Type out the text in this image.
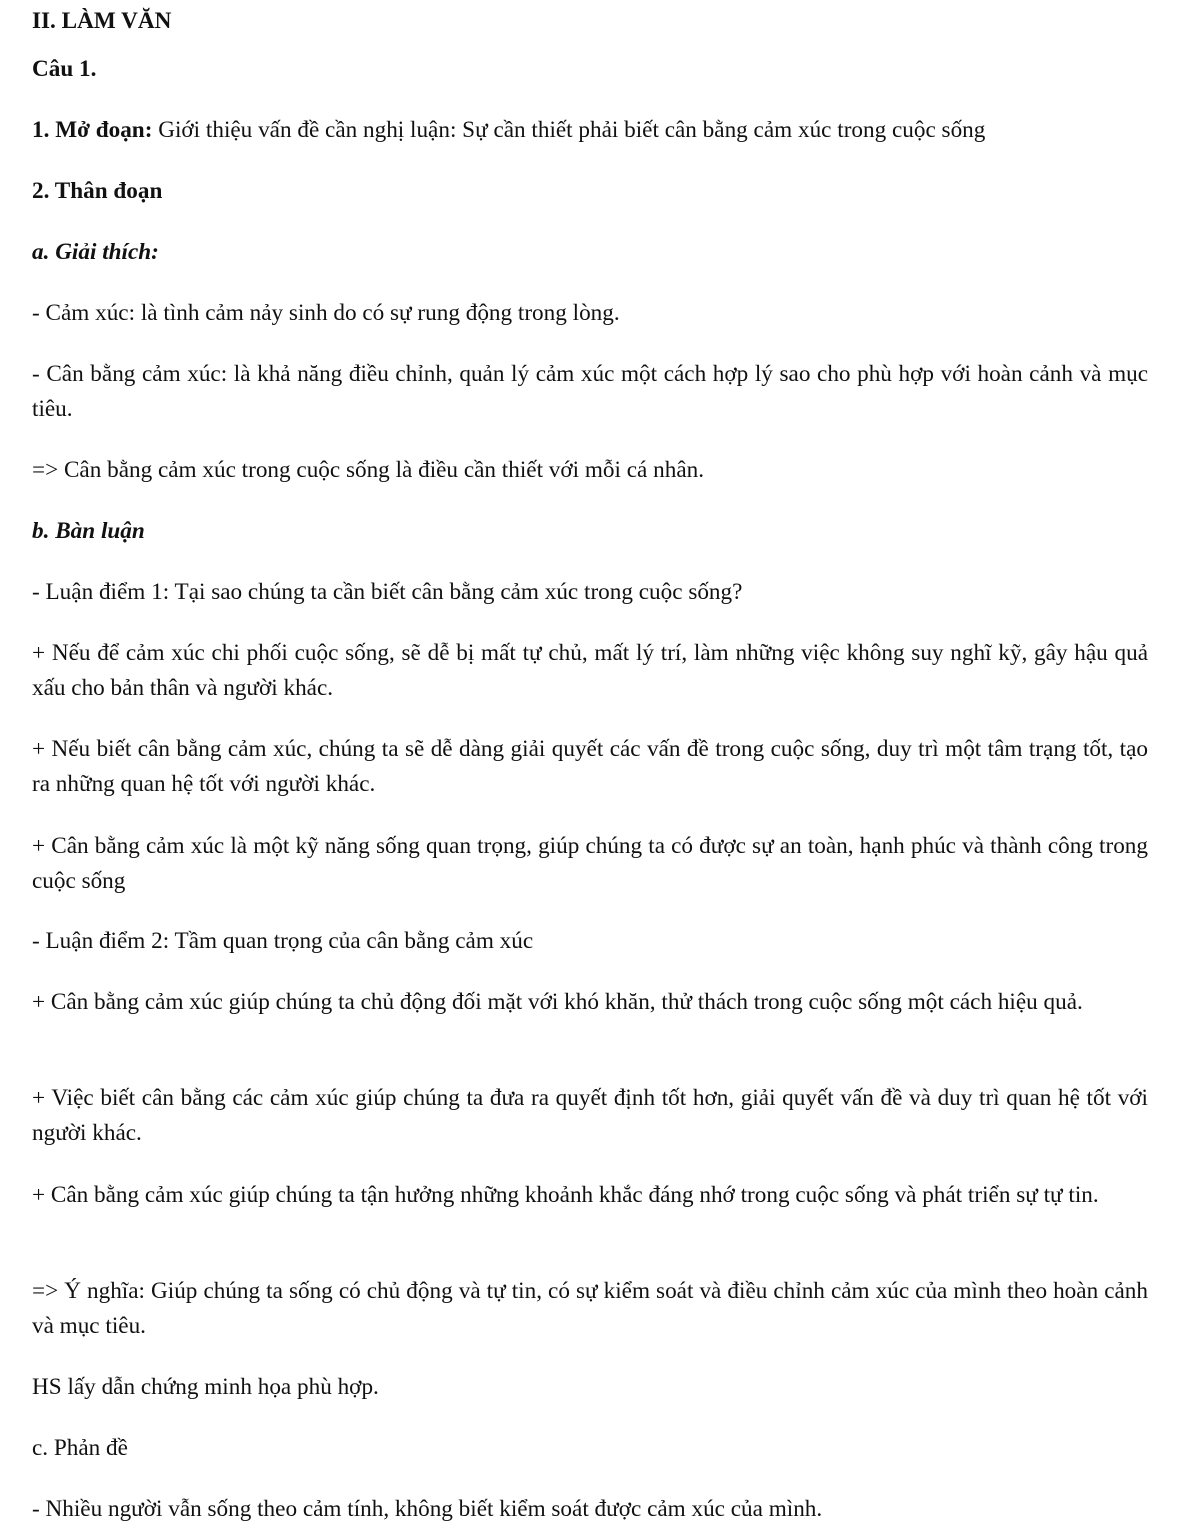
II. LÀM VĂN
Câu 1.
1. Mở đoạn: Giới thiệu vấn đề cần nghị luận: Sự cần thiết phải biết cân bằng cảm xúc trong cuộc sống
2. Thân đoạn
a. Giải thích:
- Cảm xúc: là tình cảm nảy sinh do có sự rung động trong lòng.
- Cân bằng cảm xúc: là khả năng điều chỉnh, quản lý cảm xúc một cách hợp lý sao cho phù hợp với hoàn cảnh và mục tiêu.
=> Cân bằng cảm xúc trong cuộc sống là điều cần thiết với mỗi cá nhân.
b. Bàn luận
- Luận điểm 1: Tại sao chúng ta cần biết cân bằng cảm xúc trong cuộc sống?
+ Nếu để cảm xúc chi phối cuộc sống, sẽ dễ bị mất tự chủ, mất lý trí, làm những việc không suy nghĩ kỹ, gây hậu quả xấu cho bản thân và người khác.
+ Nếu biết cân bằng cảm xúc, chúng ta sẽ dễ dàng giải quyết các vấn đề trong cuộc sống, duy trì một tâm trạng tốt, tạo ra những quan hệ tốt với người khác.
+ Cân bằng cảm xúc là một kỹ năng sống quan trọng, giúp chúng ta có được sự an toàn, hạnh phúc và thành công trong cuộc sống
- Luận điểm 2: Tầm quan trọng của cân bằng cảm xúc
+ Cân bằng cảm xúc giúp chúng ta chủ động đối mặt với khó khăn, thử thách trong cuộc sống một cách hiệu quả.
+ Việc biết cân bằng các cảm xúc giúp chúng ta đưa ra quyết định tốt hơn, giải quyết vấn đề và duy trì quan hệ tốt với người khác.
+ Cân bằng cảm xúc giúp chúng ta tận hưởng những khoảnh khắc đáng nhớ trong cuộc sống và phát triển sự tự tin.
=> Ý nghĩa: Giúp chúng ta sống có chủ động và tự tin, có sự kiểm soát và điều chỉnh cảm xúc của mình theo hoàn cảnh và mục tiêu.
HS lấy dẫn chứng minh họa phù hợp.
c. Phản đề
- Nhiều người vẫn sống theo cảm tính, không biết kiểm soát được cảm xúc của mình.
